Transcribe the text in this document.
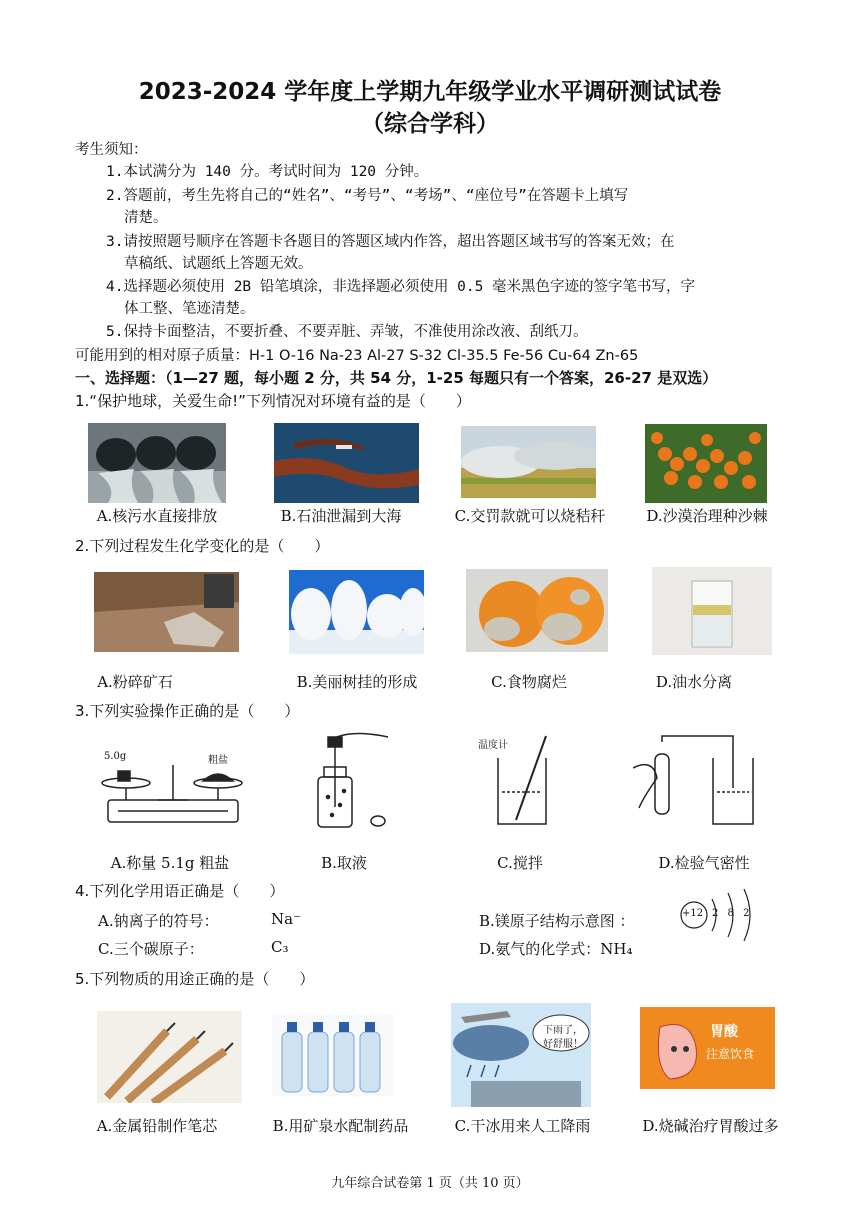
2023-2024 学年度上学期九年级学业水平调研测试试卷
（综合学科）
考生须知：
1.本试满分为 140 分。考试时间为 120 分钟。
2.答题前，考生先将自己的“姓名”、“考号”、“考场”、“座位号”在答题卡上填写
清楚。
3.请按照题号顺序在答题卡各题目的答题区域内作答，超出答题区域书写的答案无效；在
草稿纸、试题纸上答题无效。
4.选择题必须使用 2B 铅笔填涂，非选择题必须使用 0.5 毫米黑色字迹的签字笔书写，字
体工整、笔迹清楚。
5.保持卡面整洁，不要折叠、不要弄脏、弄皱，不准使用涂改液、刮纸刀。
可能用到的相对原子质量：H-1 O-16 Na-23 Al-27 S-32 Cl-35.5 Fe-56 Cu-64 Zn-65
一、选择题：（1—27 题，每小题 2 分，共 54 分，1-25 每题只有一个答案，26-27 是双选）
1.“保护地球，关爱生命!”下列情况对环境有益的是（　　）
A.核污水直接排放	B.石油泄漏到大海	C.交罚款就可以烧秸秆	D.沙漠治理种沙棘
2.下列过程发生化学变化的是（　　）
A.粉碎矿石	B.美丽树挂的形成	C.食物腐烂	D.油水分离
3.下列实验操作正确的是（　　）
5.0g	粗盐
温度计
A.称量 5.1g 粗盐	B.取液	C.搅拌	D.检验气密性
4.下列化学用语正确是（　　）
A.钠离子的符号：	Na⁻	B.镁原子结构示意图 ：	+12 2 8 2
C.三个碳原子：	C₃	D.氨气的化学式：NH₄
5.下列物质的用途正确的是（　　）
下雨了，
好舒服！
胃酸
注意饮食
A.金属铅制作笔芯	B.用矿泉水配制药品	C.干冰用来人工降雨	D.烧碱治疗胃酸过多
九年综合试卷第 1 页（共 10 页）
